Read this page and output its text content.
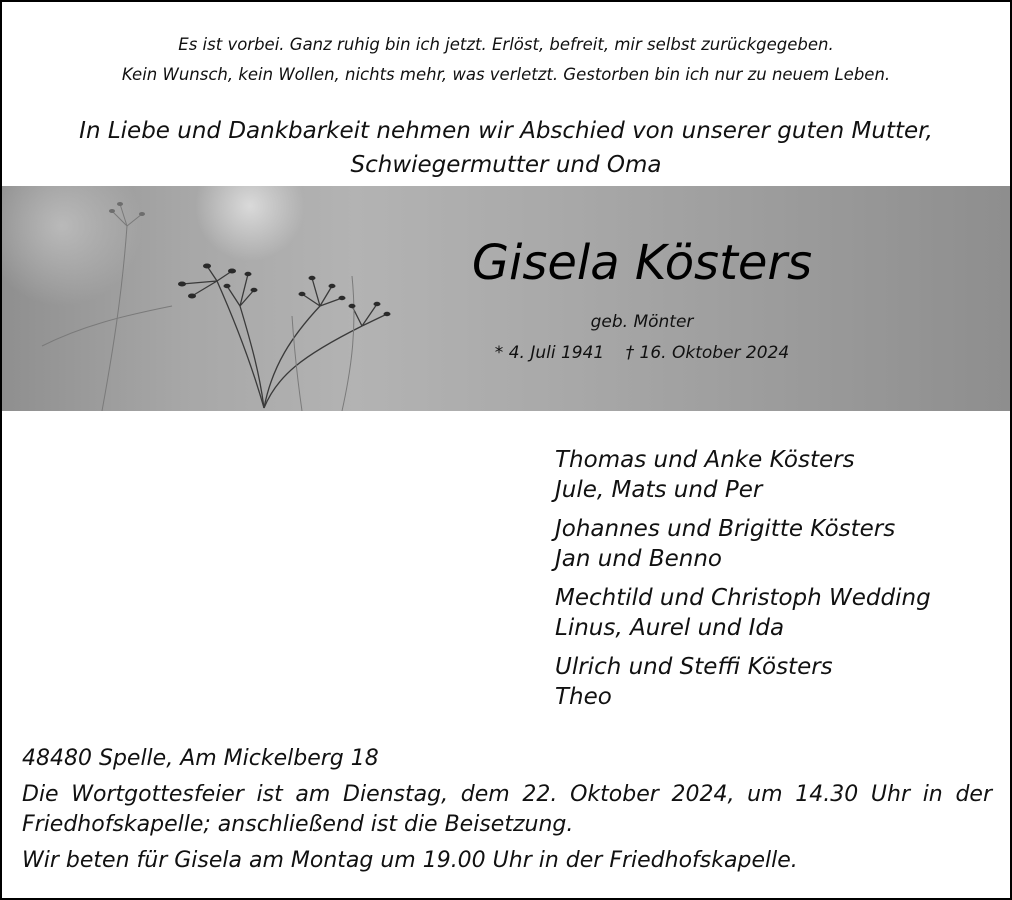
Es ist vorbei. Ganz ruhig bin ich jetzt. Erlöst, befreit, mir selbst zurückgegeben.
Kein Wunsch, kein Wollen, nichts mehr, was verletzt. Gestorben bin ich nur zu neuem Leben.
In Liebe und Dankbarkeit nehmen wir Abschied von unserer guten Mutter,
Schwiegermutter und Oma
Gisela Kösters
geb. Mönter
* 4. Juli 1941 † 16. Oktober 2024
Thomas und Anke Kösters
Jule, Mats und Per
Johannes und Brigitte Kösters
Jan und Benno
Mechtild und Christoph Wedding
Linus, Aurel und Ida
Ulrich und Steffi Kösters
Theo
48480 Spelle, Am Mickelberg 18
Die Wortgottesfeier ist am Dienstag, dem 22. Oktober 2024, um 14.30 Uhr in der Friedhofskapelle; anschließend ist die Beisetzung.
Wir beten für Gisela am Montag um 19.00 Uhr in der Friedhofskapelle.
